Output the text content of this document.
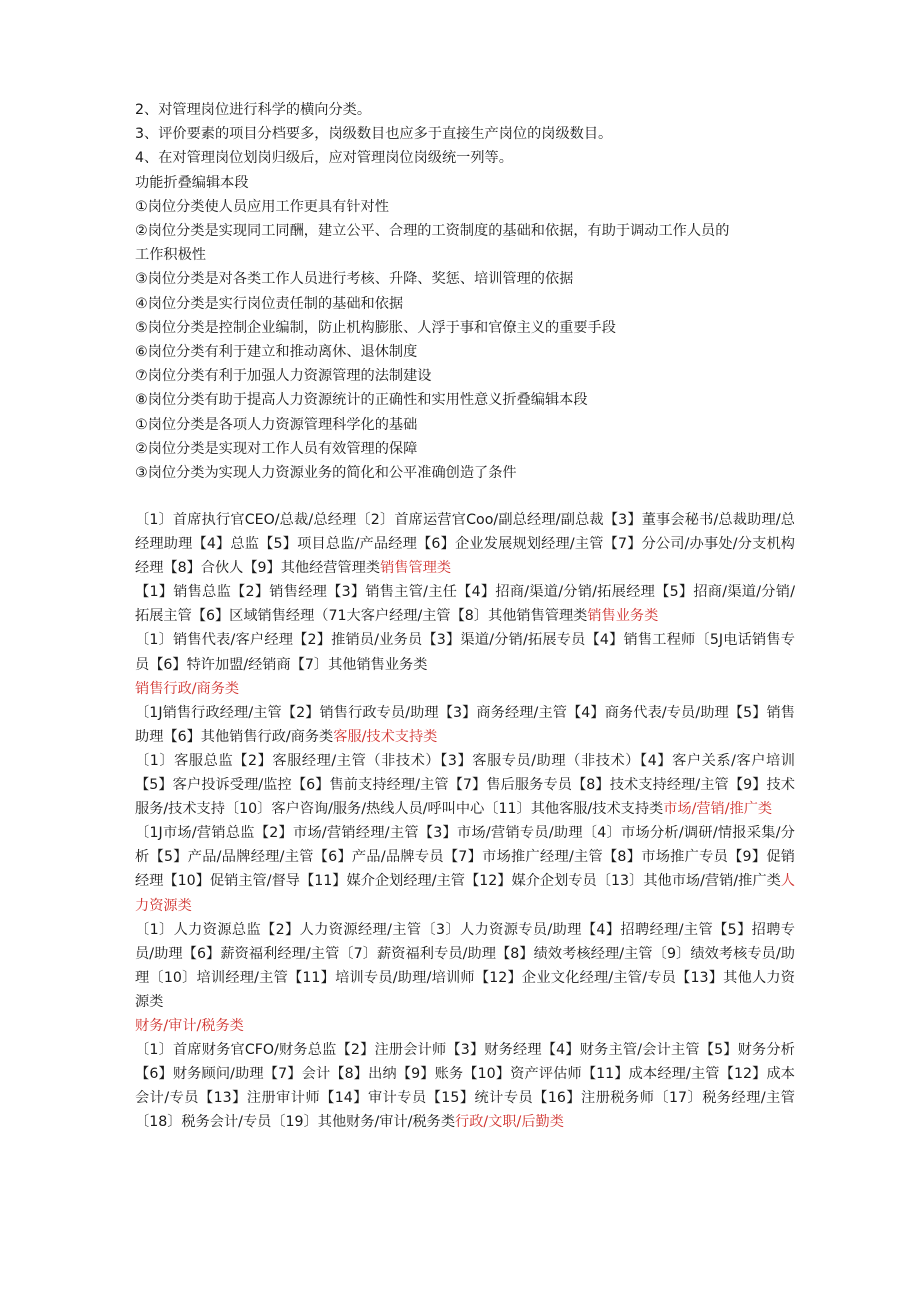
2、对管理岗位进行科学的横向分类。
3、评价要素的项目分档要多，岗级数目也应多于直接生产岗位的岗级数目。
4、在对管理岗位划岗归级后，应对管理岗位岗级统一列等。
功能折叠编辑本段
①岗位分类使人员应用工作更具有针对性
②岗位分类是实现同工同酬，建立公平、合理的工资制度的基础和依据，有助于调动工作人员的
工作积极性
③岗位分类是对各类工作人员进行考核、升降、奖惩、培训管理的依据
④岗位分类是实行岗位责任制的基础和依据
⑤岗位分类是控制企业编制，防止机构膨胀、人浮于事和官僚主义的重要手段
⑥岗位分类有利于建立和推动离休、退休制度
⑦岗位分类有利于加强人力资源管理的法制建设
⑧岗位分类有助于提高人力资源统计的正确性和实用性意义折叠编辑本段
①岗位分类是各项人力资源管理科学化的基础
②岗位分类是实现对工作人员有效管理的保障
③岗位分类为实现人力资源业务的简化和公平准确创造了条件

〔1〕首席执行官CEO/总裁/总经理〔2〕首席运营官Coo/副总经理/副总裁【3】董事会秘书/总裁助理/总经理助理【4】总监【5】项目总监/产品经理【6】企业发展规划经理/主管【7】分公司/办事处/分支机构经理【8】合伙人【9】其他经营管理类销售管理类

【1】销售总监【2】销售经理【3】销售主管/主任【4】招商/渠道/分销/拓展经理【5】招商/渠道/分销/拓展主管【6】区域销售经理（71大客户经理/主管【8〕其他销售管理类销售业务类

〔1〕销售代表/客户经理【2】推销员/业务员【3】渠道/分销/拓展专员【4】销售工程师〔5J电话销售专员【6】特许加盟/经销商【7〕其他销售业务类

销售行政/商务类

〔1J销售行政经理/主管【2】销售行政专员/助理【3】商务经理/主管【4】商务代表/专员/助理【5】销售助理【6】其他销售行政/商务类客服/技术支持类

〔1〕客服总监【2】客服经理/主管（非技术）【3】客服专员/助理（非技术）【4】客户关系/客户培训【5】客户投诉受理/监控【6】售前支持经理/主管【7】售后服务专员【8】技术支持经理/主管【9】技术服务/技术支持〔10〕客户咨询/服务/热线人员/呼叫中心〔11〕其他客服/技术支持类市场/营销/推广类

〔1J市场/营销总监【2】市场/营销经理/主管【3】市场/营销专员/助理〔4〕市场分析/调研/情报采集/分析【5】产品/品牌经理/主管【6】产品/品牌专员【7】市场推广经理/主管【8】市场推广专员【9】促销经理【10】促销主管/督导【11】媒介企划经理/主管【12】媒介企划专员〔13〕其他市场/营销/推广类人力资源类

〔1〕人力资源总监【2】人力资源经理/主管〔3〕人力资源专员/助理【4】招聘经理/主管【5】招聘专员/助理【6】薪资福利经理/主管〔7〕薪资福利专员/助理【8】绩效考核经理/主管〔9〕绩效考核专员/助理〔10〕培训经理/主管【11】培训专员/助理/培训师【12】企业文化经理/主管/专员【13】其他人力资源类

财务/审计/税务类

〔1〕首席财务官CFO/财务总监【2】注册会计师【3】财务经理【4】财务主管/会计主管【5】财务分析【6】财务顾问/助理【7】会计【8】出纳【9】账务【10】资产评估师【11】成本经理/主管【12】成本会计/专员【13】注册审计师【14】审计专员【15】统计专员【16】注册税务师〔17〕税务经理/主管〔18〕税务会计/专员〔19〕其他财务/审计/税务类行政/文职/后勤类
